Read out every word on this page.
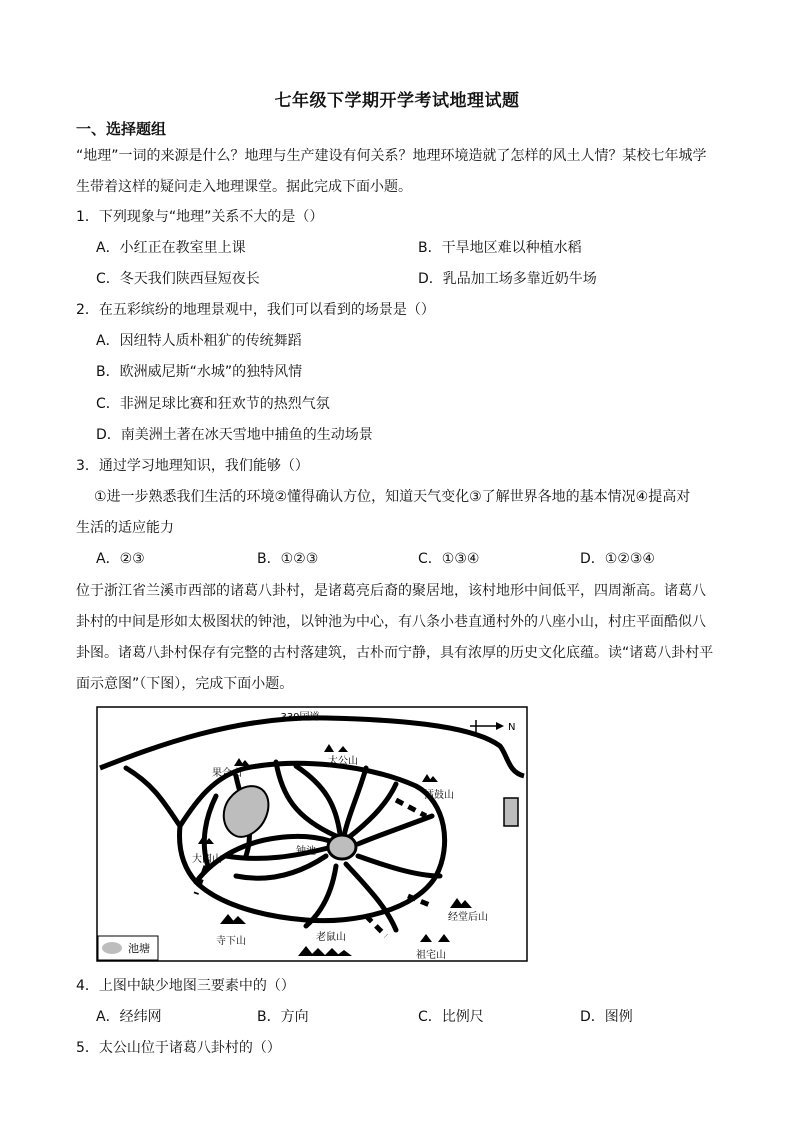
七年级下学期开学考试地理试题
一、选择题组
“地理”一词的来源是什么？地理与生产建设有何关系？地理环境造就了怎样的风土人情？某校七年城学
生带着这样的疑问走入地理课堂。据此完成下面小题。
1．下列现象与“地理”关系不大的是（）
A．小红正在教室里上课	B．干旱地区难以种植水稻
C．冬天我们陕西昼短夜长	D．乳品加工场多靠近奶牛场
2．在五彩缤纷的地理景观中，我们可以看到的场景是（）
A．因纽特人质朴粗犷的传统舞蹈
B．欧洲威尼斯“水城”的独特风情
C．非洲足球比赛和狂欢节的热烈气氛
D．南美洲土著在冰天雪地中捕鱼的生动场景
3．通过学习地理知识，我们能够（）
①进一步熟悉我们生活的环境②懂得确认方位，知道天气变化③了解世界各地的基本情况④提高对
生活的适应能力
A．②③	B．①②③	C．①③④	D．①②③④
位于浙江省兰溪市西部的诸葛八卦村，是诸葛亮后裔的聚居地，该村地形中间低平，四周渐高。诸葛八
卦村的中间是形如太极图状的钟池，以钟池为中心，有八条小巷直通村外的八座小山，村庄平面酷似八
卦图。诸葛八卦村保存有完整的古村落建筑，古朴而宁静，具有浓厚的历史文化底蕴。读“诸葛八卦村平
面示意图”（下图），完成下面小题。
330国道
N
钟池
果合山
太公山
擂鼓山
大园山
经堂后山
寺下山	老鼠山
祖宅山
池塘
4．上图中缺少地图三要素中的（）
A．经纬网	B．方向	C．比例尺	D．图例
5．太公山位于诸葛八卦村的（）
